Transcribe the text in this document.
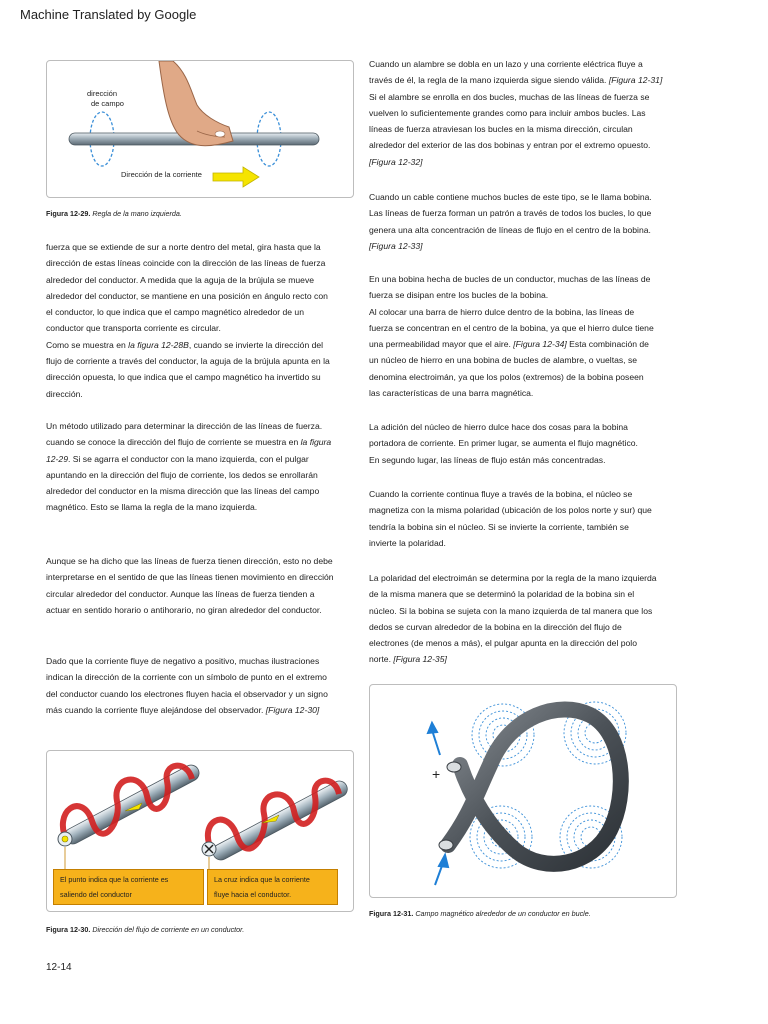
Machine Translated by Google
dirección
de campo
Dirección de la corriente
Figura 12-29. Regla de la mano izquierda.
fuerza que se extiende de sur a norte dentro del metal, gira hasta que la
dirección de estas líneas coincide con la dirección de las líneas de fuerza
alrededor del conductor. A medida que la aguja de la brújula se mueve
alrededor del conductor, se mantiene en una posición en ángulo recto con
el conductor, lo que indica que el campo magnético alrededor de un
conductor que transporta corriente es circular.
Como se muestra en la figura 12-28B, cuando se invierte la dirección del
flujo de corriente a través del conductor, la aguja de la brújula apunta en la
dirección opuesta, lo que indica que el campo magnético ha invertido su
dirección.
Un método utilizado para determinar la dirección de las líneas de fuerza.
cuando se conoce la dirección del flujo de corriente se muestra en la figura
12-29. Si se agarra el conductor con la mano izquierda, con el pulgar
apuntando en la dirección del flujo de corriente, los dedos se enrollarán
alrededor del conductor en la misma dirección que las líneas del campo
magnético. Esto se llama la regla de la mano izquierda.
Aunque se ha dicho que las líneas de fuerza tienen dirección, esto no debe
interpretarse en el sentido de que las líneas tienen movimiento en dirección
circular alrededor del conductor. Aunque las líneas de fuerza tienden a
actuar en sentido horario o antihorario, no giran alrededor del conductor.
Dado que la corriente fluye de negativo a positivo, muchas ilustraciones
indican la dirección de la corriente con un símbolo de punto en el extremo
del conductor cuando los electrones fluyen hacia el observador y un signo
más cuando la corriente fluye alejándose del observador. [Figura 12-30]
El punto indica que la corriente es
saliendo del conductor
La cruz indica que la corriente
fluye hacia el conductor.
Figura 12-30. Dirección del flujo de corriente en un conductor.
12-14
Cuando un alambre se dobla en un lazo y una corriente eléctrica fluye a
través de él, la regla de la mano izquierda sigue siendo válida. [Figura 12-31]
Si el alambre se enrolla en dos bucles, muchas de las líneas de fuerza se
vuelven lo suficientemente grandes como para incluir ambos bucles. Las
líneas de fuerza atraviesan los bucles en la misma dirección, circulan
alrededor del exterior de las dos bobinas y entran por el extremo opuesto.
[Figura 12-32]
Cuando un cable contiene muchos bucles de este tipo, se le llama bobina.
Las líneas de fuerza forman un patrón a través de todos los bucles, lo que
genera una alta concentración de líneas de flujo en el centro de la bobina.
[Figura 12-33]
En una bobina hecha de bucles de un conductor, muchas de las líneas de
fuerza se disipan entre los bucles de la bobina.
Al colocar una barra de hierro dulce dentro de la bobina, las líneas de
fuerza se concentran en el centro de la bobina, ya que el hierro dulce tiene
una permeabilidad mayor que el aire. [Figura 12-34] Esta combinación de
un núcleo de hierro en una bobina de bucles de alambre, o vueltas, se
denomina electroimán, ya que los polos (extremos) de la bobina poseen
las características de una barra magnética.
La adición del núcleo de hierro dulce hace dos cosas para la bobina
portadora de corriente. En primer lugar, se aumenta el flujo magnético.
En segundo lugar, las líneas de flujo están más concentradas.
Cuando la corriente continua fluye a través de la bobina, el núcleo se
magnetiza con la misma polaridad (ubicación de los polos norte y sur) que
tendría la bobina sin el núcleo. Si se invierte la corriente, también se
invierte la polaridad.
La polaridad del electroimán se determina por la regla de la mano izquierda
de la misma manera que se determinó la polaridad de la bobina sin el
núcleo. Si la bobina se sujeta con la mano izquierda de tal manera que los
dedos se curvan alrededor de la bobina en la dirección del flujo de
electrones (de menos a más), el pulgar apunta en la dirección del polo
norte. [Figura 12-35]
+
Figura 12-31. Campo magnético alrededor de un conductor en bucle.
